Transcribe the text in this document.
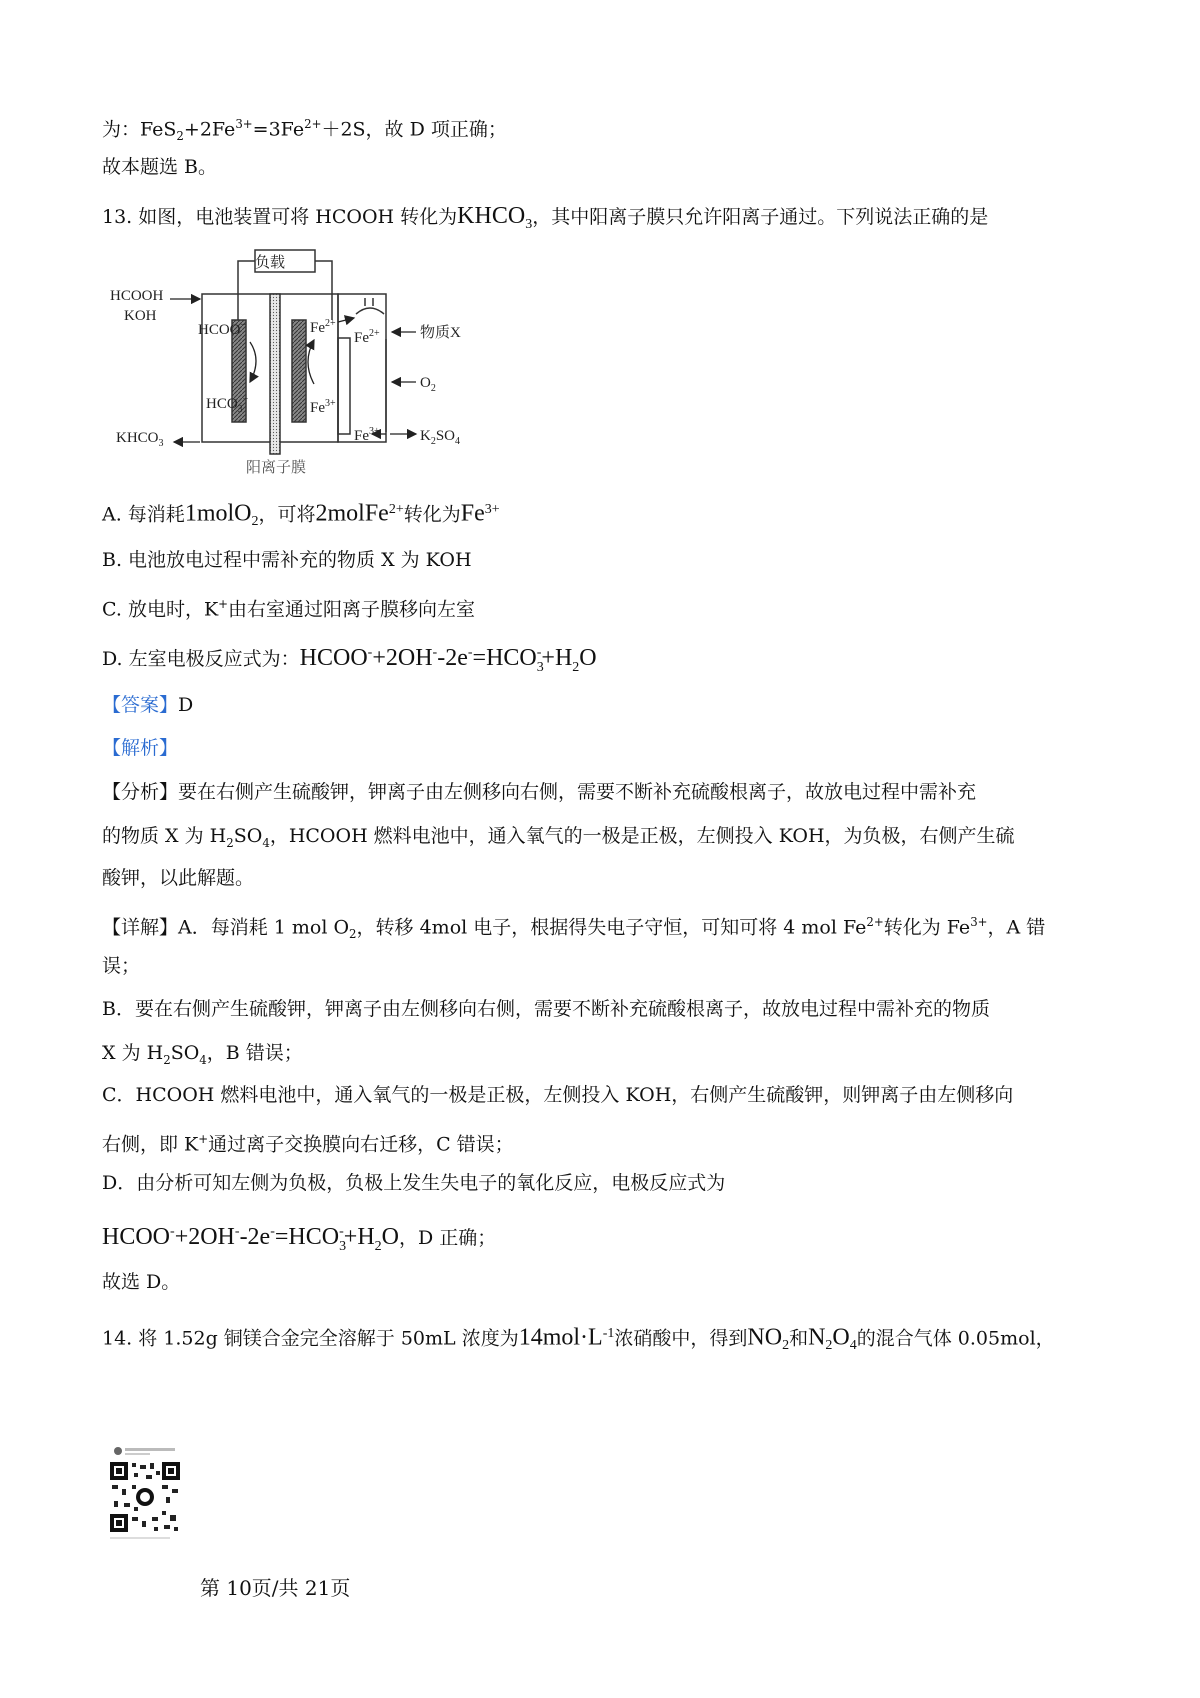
为：$FeS_2+2Fe^{3+}=3Fe^{2+}+2S$，故 D 项正确；
故本题选 B。
13. 如图，电池装置可将 HCOOH 转化为$KHCO_3$，其中阳离子膜只允许阳离子通过。下列说法正确的是
负载
HCOOH
KOH
HCOO−
$HCO_3^-$
$KHCO_3$
$Fe^{2+}$
$Fe^{2+}$
$Fe^{3+}$
$Fe^{3+}$
物质X
$O_2$
$K_2SO_4$
阳离子膜
A. 每消耗1molO$_2$，可将2molFe$^{2+}$转化为$Fe^{3+}$
B. 电池放电过程中需补充的物质 X 为 KOH
C. 放电时，K+由右室通过阳离子膜移向左室
D. 左室电极反应式为：$HCOO^-+2OH^--2e^-=HCO_3^-+H_2O$
【答案】D
【解析】
【分析】要在右侧产生硫酸钾，钾离子由左侧移向右侧，需要不断补充硫酸根离子，故放电过程中需补充
的物质 X 为 $H_2SO_4$，HCOOH 燃料电池中，通入氧气的一极是正极，左侧投入 KOH，为负极，右侧产生硫
酸钾，以此解题。
【详解】A．每消耗 1 mol $O_2$，转移 4mol 电子，根据得失电子守恒，可知可将 4 mol $Fe^{2+}$转化为 $Fe^{3+}$，A 错
误；
B．要在右侧产生硫酸钾，钾离子由左侧移向右侧，需要不断补充硫酸根离子，故放电过程中需补充的物质
X 为 $H_2SO_4$，B 错误；
C．HCOOH 燃料电池中，通入氧气的一极是正极，左侧投入 KOH，右侧产生硫酸钾，则钾离子由左侧移向
右侧，即 K+通过离子交换膜向右迁移，C 错误；
D．由分析可知左侧为负极，负极上发生失电子的氧化反应，电极反应式为
$HCOO^-+2OH^--2e^-=HCO_3^-+H_2O$，D 正确；
故选 D。
14. 将 1.52g 铜镁合金完全溶解于 50mL 浓度为$14mol\cdot L^{-1}$浓硝酸中，得到$NO_2$和$N_2O_4$的混合气体 0.05mol，
第 10页/共 21页
